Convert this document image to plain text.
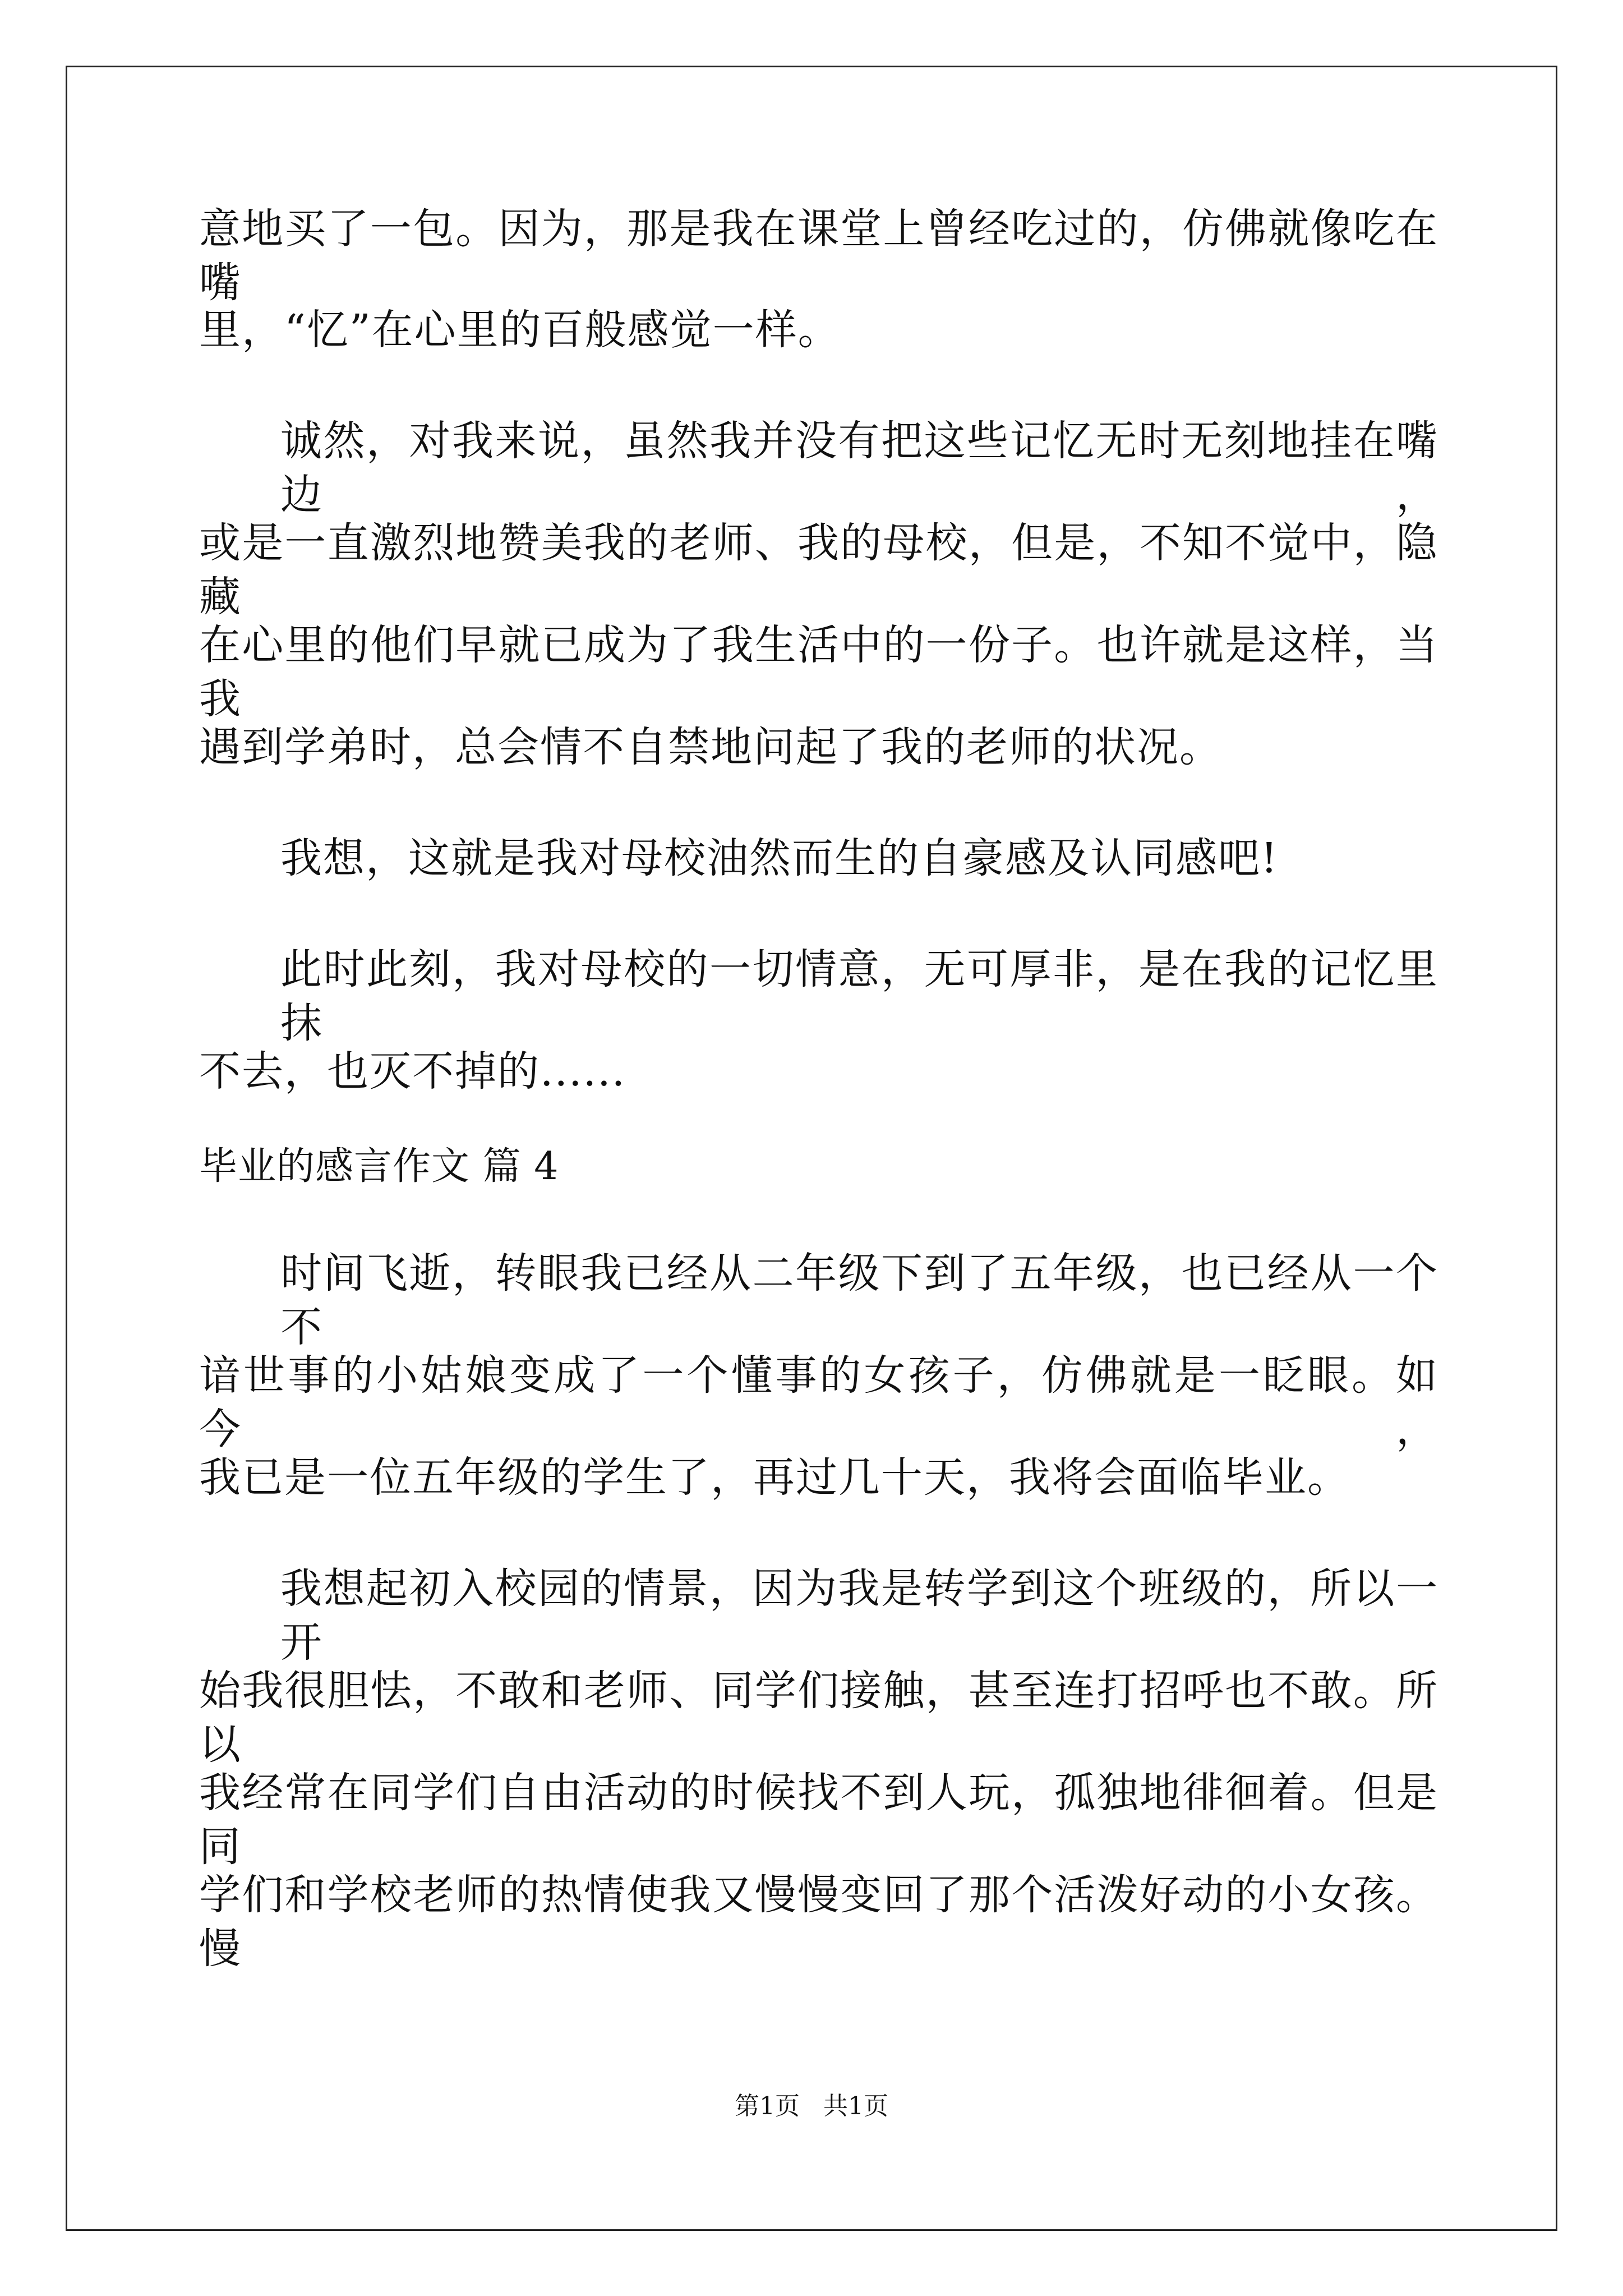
意地买了一包。因为，那是我在课堂上曾经吃过的，仿佛就像吃在嘴
里，“忆”在心里的百般感觉一样。
诚然，对我来说，虽然我并没有把这些记忆无时无刻地挂在嘴边，
或是一直激烈地赞美我的老师、我的母校，但是，不知不觉中，隐藏
在心里的他们早就已成为了我生活中的一份子。也许就是这样，当我
遇到学弟时，总会情不自禁地问起了我的老师的状况。
我想，这就是我对母校油然而生的自豪感及认同感吧!
此时此刻，我对母校的一切情意，无可厚非，是在我的记忆里抹
不去，也灭不掉的......
毕业的感言作文 篇 4
时间飞逝，转眼我已经从二年级下到了五年级，也已经从一个不
谙世事的小姑娘变成了一个懂事的女孩子，仿佛就是一眨眼。如今，
我已是一位五年级的学生了，再过几十天，我将会面临毕业。
我想起初入校园的情景，因为我是转学到这个班级的，所以一开
始我很胆怯，不敢和老师、同学们接触，甚至连打招呼也不敢。所以
我经常在同学们自由活动的时候找不到人玩，孤独地徘徊着。但是同
学们和学校老师的热情使我又慢慢变回了那个活泼好动的小女孩。慢
第1页   共1页
